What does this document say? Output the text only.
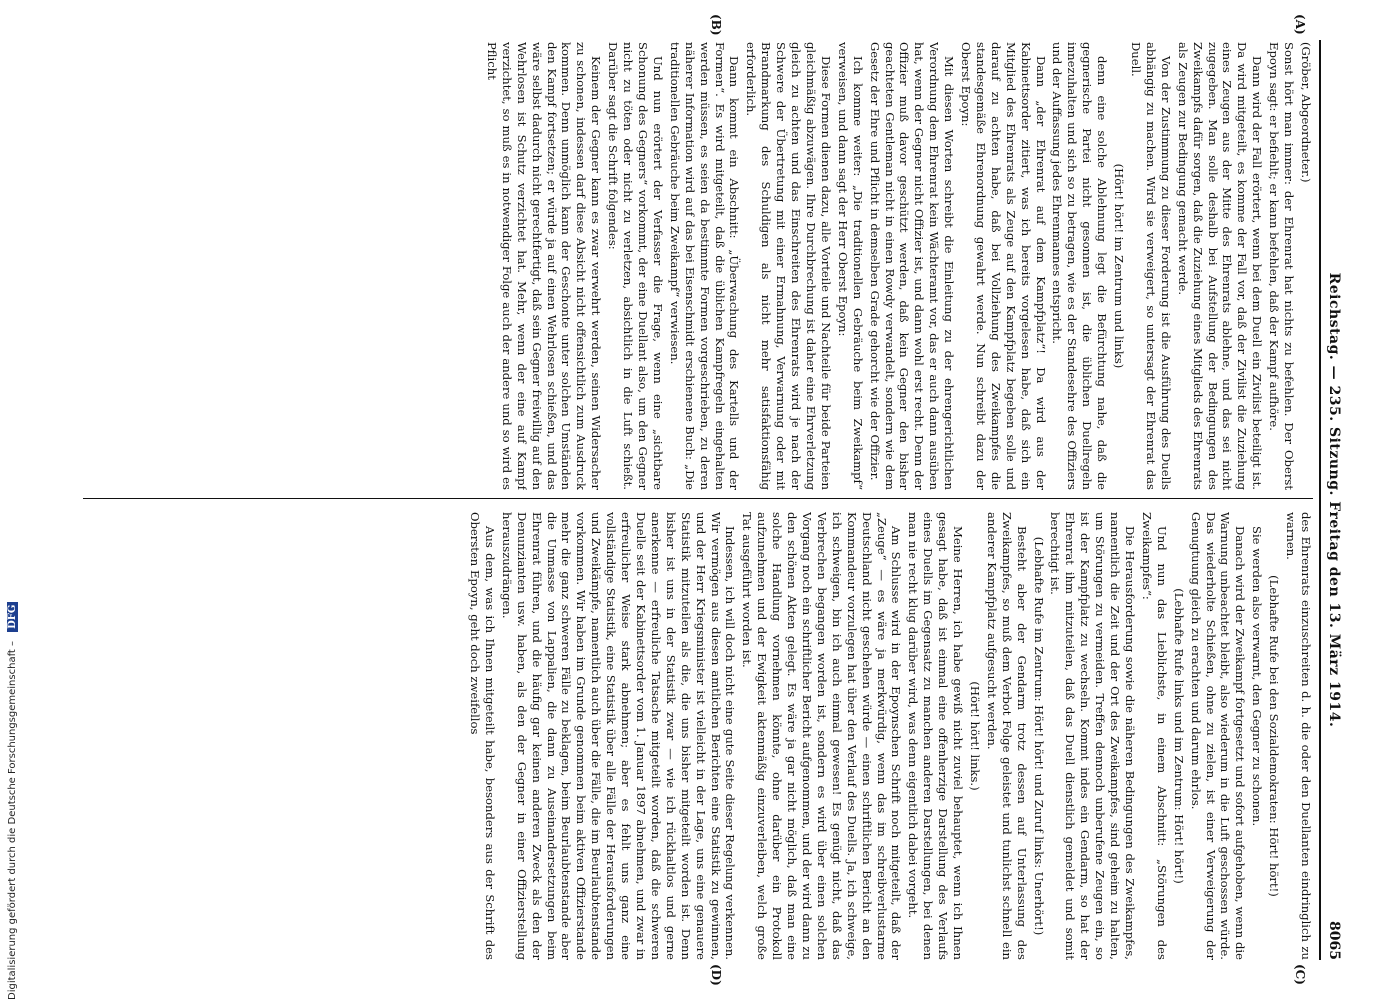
Reichstag. — 235. Sitzung. Freitag den 13. März 1914.
8065
(A)
(B)
(C)
(D)

(Gröber, Abgeordneter.)

Sonst hört man immer: der Ehrenrat hat nichts zu befehlen. Der Oberst Epoyn sagt: er befiehlt; er kann befehlen, daß der Kampf aufhöre.

Dann wird der Fall erörtert, wenn bei dem Duell ein Zivilist beteiligt ist. Da wird mitgeteilt, es komme der Fall vor, daß der Zivilist die Zuziehung eines Zeugen aus der Mitte des Ehrenrats ablehne, und das sei nicht zugegeben. Man solle deshalb bei Aufstellung der Bedingungen des Zweikampfs dafür sorgen, daß die Zuziehung eines Mitglieds des Ehrenrats als Zeugen zur Bedingung gemacht werde.

Von der Zustimmung zu dieser Forderung ist die Ausführung des Duells abhängig zu machen. Wird sie verweigert, so untersagt der Ehrenrat das Duell.

(Hört! hört! im Zentrum und links)

denn eine solche Ablehnung legt die Befürchtung nahe, daß die gegnerische Partei nicht gesonnen ist, die üblichen Duellregeln innezuhalten und sich so zu betragen, wie es der Standesehre des Offiziers und der Auffassung jedes Ehrenmannes entspricht.

Dann „der Ehrenrat auf dem Kampfplatz“! Da wird aus der Kabinettsorder zitiert, was ich bereits vorgelesen habe, daß sich ein Mitglied des Ehrenrats als Zeuge auf den Kampfplatz begeben solle und darauf zu achten habe, daß bei Vollziehung des Zweikampfes die standesgemäße Ehrenordnung gewahrt werde. Nun schreibt dazu der Oberst Epoyn:

Mit diesen Worten schreibt die Einleitung zu der ehrengerichtlichen Verordnung dem Ehrenrat kein Wächteramt vor, das er auch dann ausüben hat, wenn der Gegner nicht Offizier ist, und dann wohl erst recht. Denn der Offizier muß davor geschützt werden, daß kein Gegner den bisher geachteten Gentleman nicht in einen Rowdy verwandelt, sondern wie dem Gesetz der Ehre und Pflicht in demselben Grade gehorcht wie der Offizier.

Ich komme weiter: „Die traditionellen Gebräuche beim Zweikampf“ verweisen, und dann sagt der Herr Oberst Epoyn:

Diese Formen dienen dazu, alle Vorteile und Nachteile für beide Parteien gleichmäßig abzuwägen. Ihre Durchbrechung ist daher eine Ehrverletzung gleich zu achten und das Einschreiten des Ehrenrats wird je nach der Schwere der Übertretung mit einer Ermahnung, Verwarnung oder mit Brandmarkung des Schuldigen als nicht mehr satisfaktionsfähig erforderlich.

Dann kommt ein Abschnitt: „Überwachung des Kartells und der Formen“. Es wird mitgeteilt, daß die üblichen Kampfregeln eingehalten werden müssen, es seien da bestimmte Formen vorgeschrieben, zu deren näherer Information wird auf das bei Eisenschmidt erschienene Buch: „Die traditionellen Gebräuche beim Zweikampf“ verwiesen.

Und nun erörtert der Verfasser die Frage, wenn eine „sichtbare Schonung des Gegners“ vorkommt, der eine Duellant also, um den Gegner nicht zu töten oder nicht zu verletzen, absichtlich in die Luft schießt. Darüber sagt die Schrift folgendes:

Keinem der Gegner kann es zwar verwehrt werden, seinen Widersacher zu schonen, indessen darf diese Absicht nicht offensichtlich zum Ausdruck kommen. Denn unmöglich kann der Geschonte unter solchen Umständen den Kampf fortsetzen; er würde ja auf einen Wehrlosen schießen, und das wäre selbst dadurch nicht gerechtfertigt, daß sein Gegner freiwillig auf den Wehrlosen ist Schutz verzichtet hat. Mehr, wenn der eine auf Kampf verzichtet, so muß es in notwendiger Folge auch der andere und so wird es Pflicht

des Ehrenrats einzuschreiten d. h. die oder den Duellanten eindringlich zu warnen.

(Lebhafte Rufe bei den Sozialdemokraten: Hört! hört!)

Sie werden also verwarnt, den Gegner zu schonen.

Danach wird der Zweikampf fortgesetzt und sofort aufgehoben, wenn die Warnung unbeachtet bleibt, also wiederum in die Luft geschossen würde. Das wiederholte Schießen, ohne zu zielen, ist einer Verweigerung der Genugtuung gleich zu erachten und darum ehrlos.

(Lebhafte Rufe links und im Zentrum: Hört! hört!)

Und nun das Lieblichste, in einem Abschnitt: „Störungen des Zweikampfes“:

Die Herausforderung sowie die näheren Bedingungen des Zweikampfes, namentlich die Zeit und der Ort des Zweikampfes, sind geheim zu halten, um Störungen zu vermeiden. Treffen dennoch unberufene Zeugen ein, so ist der Kampfplatz zu wechseln. Kommt indes ein Gendarm, so hat der Ehrenrat ihm mitzuteilen, daß das Duell dienstlich gemeldet und somit berechtigt ist.

(Lebhafte Rufe im Zentrum: Hört! hört! und Zuruf links: Unerhört!)

Besteht aber der Gendarm trotz dessen auf Unterlassung des Zweikampfes, so muß dem Verbot Folge geleistet und tunlichst schnell ein anderer Kampfplatz aufgesucht werden.

(Hört! hört! links.)

Meine Herren, ich habe gewiß nicht zuviel behauptet, wenn ich Ihnen gesagt habe, daß ist einmal eine offenherzige Darstellung des Verlaufs eines Duells im Gegensatz zu manchen anderen Darstellungen, bei denen man nie recht klug darüber wird, was denn eigentlich dabei vorgeht.

Am Schlusse wird in der Epoynschen Schrift noch mitgeteilt, daß der „Zeuge“ — es wäre ja merkwürdig, wenn das im schreibverlustarme Deutschland nicht geschehen würde — einen schriftlichen Bericht an den Kommandeur vorzulegen hat über den Verlauf des Duells. Ja, ich schweige, ich schweigen, bin ich auch einmal gewesen! Es genügt nicht, daß das Verbrechen begangen worden ist, sondern es wird über einen solchen Vorgang noch ein schriftlicher Bericht aufgenommen, und der wird dann zu den schönen Akten gelegt. Es wäre ja gar nicht möglich, daß man eine solche Handlung vornehmen könnte, ohne darüber ein Protokoll aufzunehmen und der Ewigkeit aktenmäßig einzuverleiben, welch große Tat ausgeführt worden ist.

Indessen, ich will doch nicht eine gute Seite dieser Regelung verkennen. Wir vermögen aus diesen amtlichen Berichten eine Statistik zu gewinnen, und der Herr Kriegsminister ist vielleicht in der Lage, uns eine genauere Statistik mitzuteilen als die, die uns bisher mitgeteilt worden ist. Denn bisher ist uns in der Statistik zwar — wie ich rückhaltlos und gerne anerkenne — erfreuliche Tatsache mitgeteilt worden, daß die schweren Duelle seit der Kabinettsorder vom 1. Januar 1897 abnehmen, und zwar in erfreulicher Weise stark abnehmen; aber es fehlt uns ganz eine vollständige Statistik, eine Statistik über alle Fälle der Herausforderungen und Zweikämpfe, namentlich auch über die Fälle, die im Beurlaubtenstande vorkommen. Wir haben im Grunde genommen beim aktiven Offizierstande mehr die ganz schweren Fälle zu beklagen, beim Beurlaubtenstande aber die Unmasse von Lappalien, die dann zu Auseinandersetzungen beim Ehrenrat führen, und die häufig gar keinen anderen Zweck als den der Denunzianten usw. haben, als den der Gegner in einer Offizierstellung herauszudrängen.

Aus dem, was ich Ihnen mitgeteilt habe, besonders aus der Schrift des Obersten Epoyn, geht doch zweifellos

Digitalisierung gefördert durch die Deutsche Forschungsgemeinschaft – DFG
